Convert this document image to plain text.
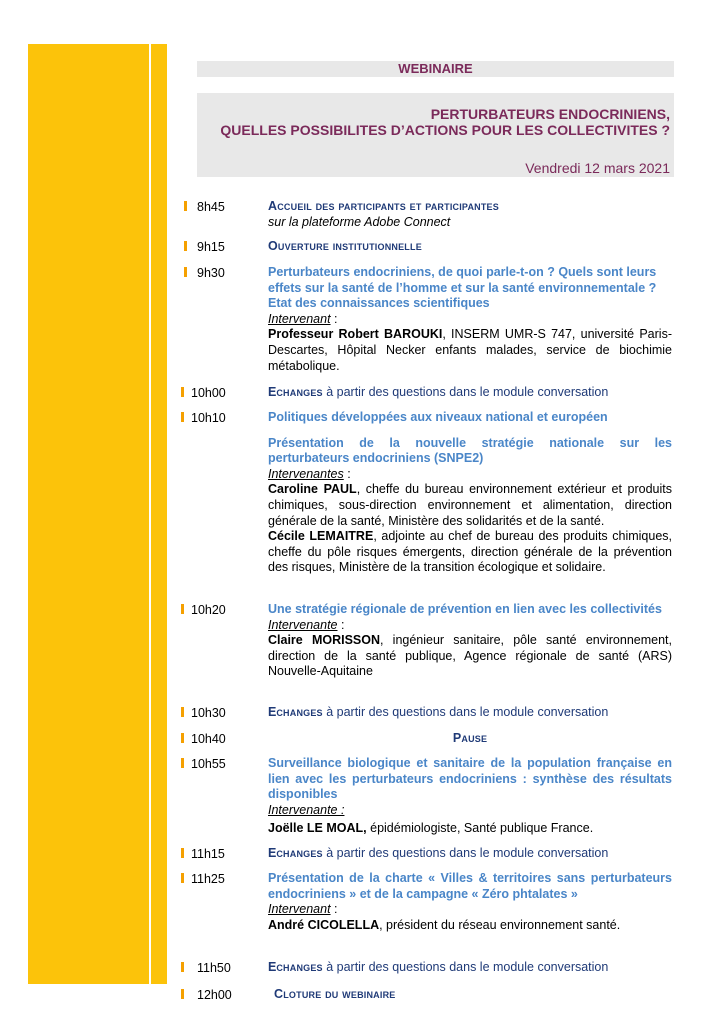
WEBINAIRE
PERTURBATEURS ENDOCRINIENS,
QUELLES POSSIBILITES D’ACTIONS POUR LES COLLECTIVITES ?
Vendredi 12 mars 2021
8h45	Accueil des participants et participantes
sur la plateforme Adobe Connect
9h15	Ouverture institutionnelle
9h30	Perturbateurs endocriniens, de quoi parle-t-on ? Quels sont leurs effets sur la santé de l’homme et sur la santé environnementale ? Etat des connaissances scientifiques
Intervenant :
Professeur Robert BAROUKI, INSERM UMR-S 747, université Paris-Descartes, Hôpital Necker enfants malades, service de biochimie métabolique.
10h00	Echanges à partir des questions dans le module conversation
10h10	Politiques développées aux niveaux national et européen
Présentation de la nouvelle stratégie nationale sur les perturbateurs endocriniens (SNPE2)
Intervenantes :
Caroline PAUL, cheffe du bureau environnement extérieur et produits chimiques, sous-direction environnement et alimentation, direction générale de la santé, Ministère des solidarités et de la santé.
Cécile LEMAITRE, adjointe au chef de bureau des produits chimiques, cheffe du pôle risques émergents, direction générale de la prévention des risques, Ministère de la transition écologique et solidaire.
10h20	Une stratégie régionale de prévention en lien avec les collectivités
Intervenante :
Claire MORISSON, ingénieur sanitaire, pôle santé environnement, direction de la santé publique, Agence régionale de santé (ARS) Nouvelle-Aquitaine
10h30	Echanges à partir des questions dans le module conversation
10h40	Pause
10h55	Surveillance biologique et sanitaire de la population française en lien avec les perturbateurs endocriniens : synthèse des résultats disponibles
Intervenante :
Joëlle LE MOAL, épidémiologiste, Santé publique France.
11h15	Echanges à partir des questions dans le module conversation
11h25	Présentation de la charte « Villes & territoires sans perturbateurs endocriniens » et de la campagne « Zéro phtalates »
Intervenant :
André CICOLELLA, président du réseau environnement santé.
11h50	Echanges à partir des questions dans le module conversation
12h00	Cloture du webinaire
